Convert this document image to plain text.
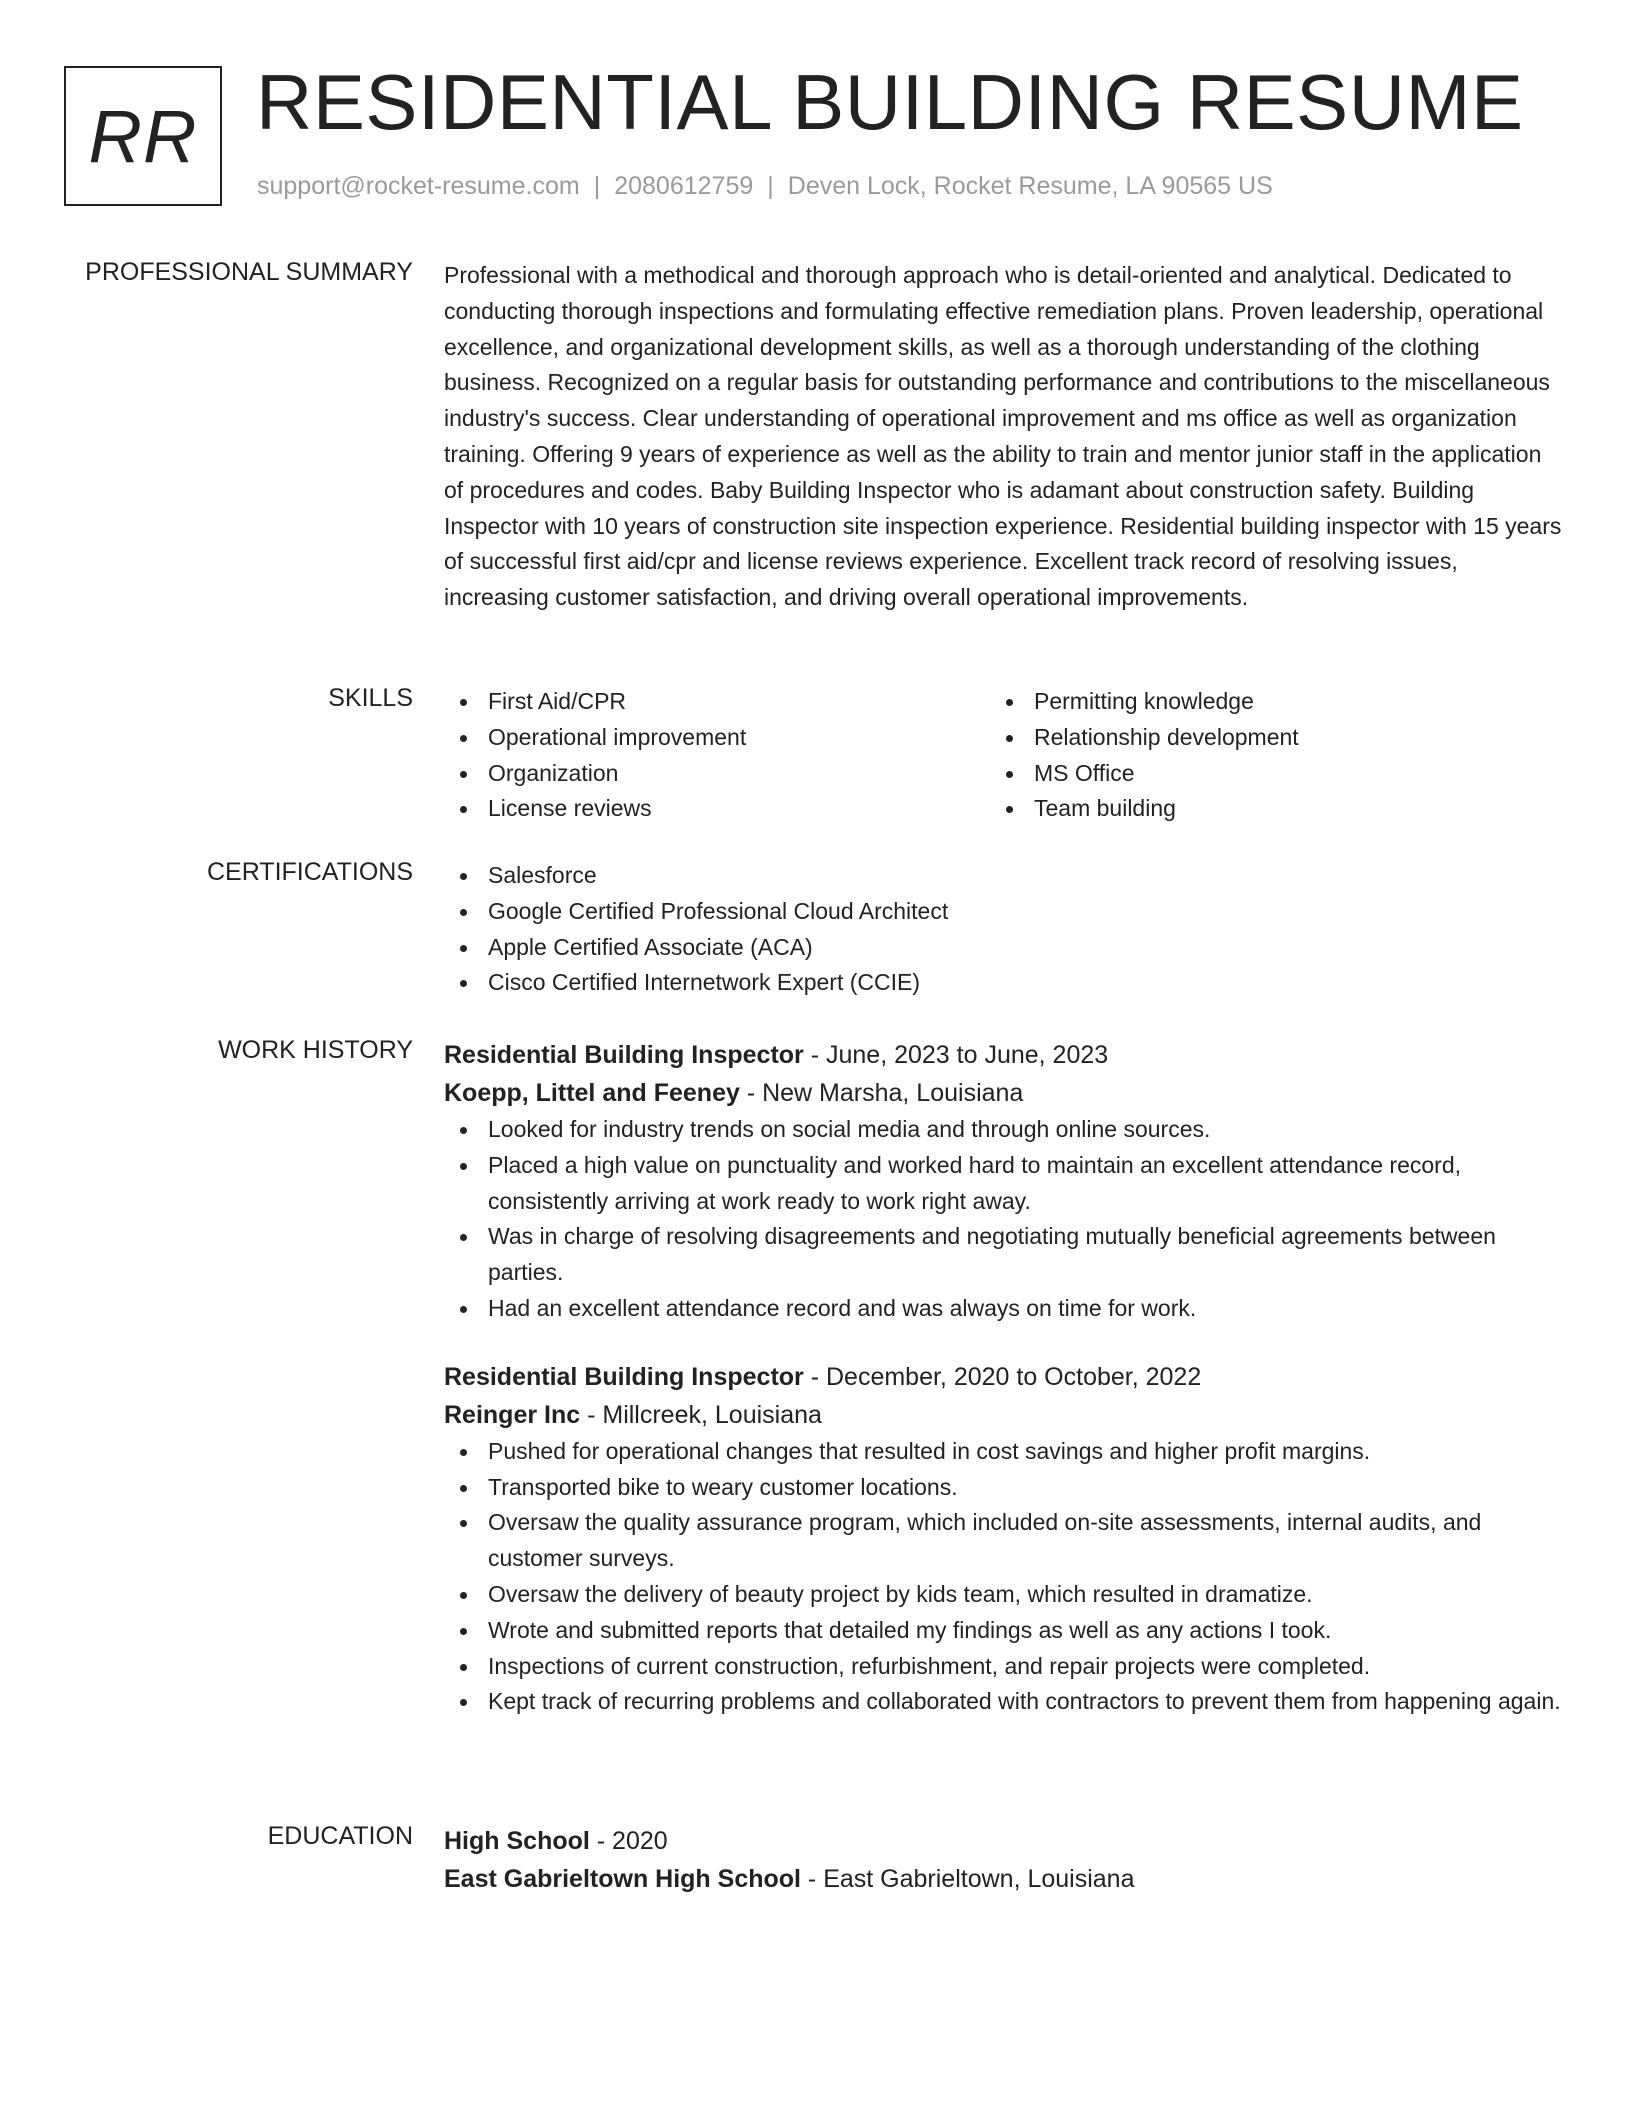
RR RESIDENTIAL BUILDING RESUME
support@rocket-resume.com | 2080612759 | Deven Lock, Rocket Resume, LA 90565 US
PROFESSIONAL SUMMARY Professional with a methodical and thorough approach who is detail-oriented and analytical. Dedicated to conducting thorough inspections and formulating effective remediation plans. Proven leadership, operational excellence, and organizational development skills, as well as a thorough understanding of the clothing business. Recognized on a regular basis for outstanding performance and contributions to the miscellaneous industry's success. Clear understanding of operational improvement and ms office as well as organization training. Offering 9 years of experience as well as the ability to train and mentor junior staff in the application of procedures and codes. Baby Building Inspector who is adamant about construction safety. Building Inspector with 10 years of construction site inspection experience. Residential building inspector with 15 years of successful first aid/cpr and license reviews experience. Excellent track record of resolving issues, increasing customer satisfaction, and driving overall operational improvements.

SKILLS	First Aid/CPR
Operational improvement
Organization
License reviews
Permitting knowledge
Relationship development
MS Office
Team building
CERTIFICATIONS	Salesforce
Google Certified Professional Cloud Architect
Apple Certified Associate (ACA)
Cisco Certified Internetwork Expert (CCIE)
WORK HISTORY Residential Building Inspector - June, 2023 to June, 2023
Koepp, Littel and Feeney - New Marsha, Louisiana
Looked for industry trends on social media and through online sources.
Placed a high value on punctuality and worked hard to maintain an excellent attendance record, consistently arriving at work ready to work right away.
Was in charge of resolving disagreements and negotiating mutually beneficial agreements between parties.
Had an excellent attendance record and was always on time for work.
Residential Building Inspector - December, 2020 to October, 2022
Reinger Inc - Millcreek, Louisiana
Pushed for operational changes that resulted in cost savings and higher profit margins.
Transported bike to weary customer locations.
Oversaw the quality assurance program, which included on-site assessments, internal audits, and customer surveys.
Oversaw the delivery of beauty project by kids team, which resulted in dramatize.
Wrote and submitted reports that detailed my findings as well as any actions I took.
Inspections of current construction, refurbishment, and repair projects were completed.
Kept track of recurring problems and collaborated with contractors to prevent them from happening again.
EDUCATION High School - 2020
East Gabrieltown High School - East Gabrieltown, Louisiana
